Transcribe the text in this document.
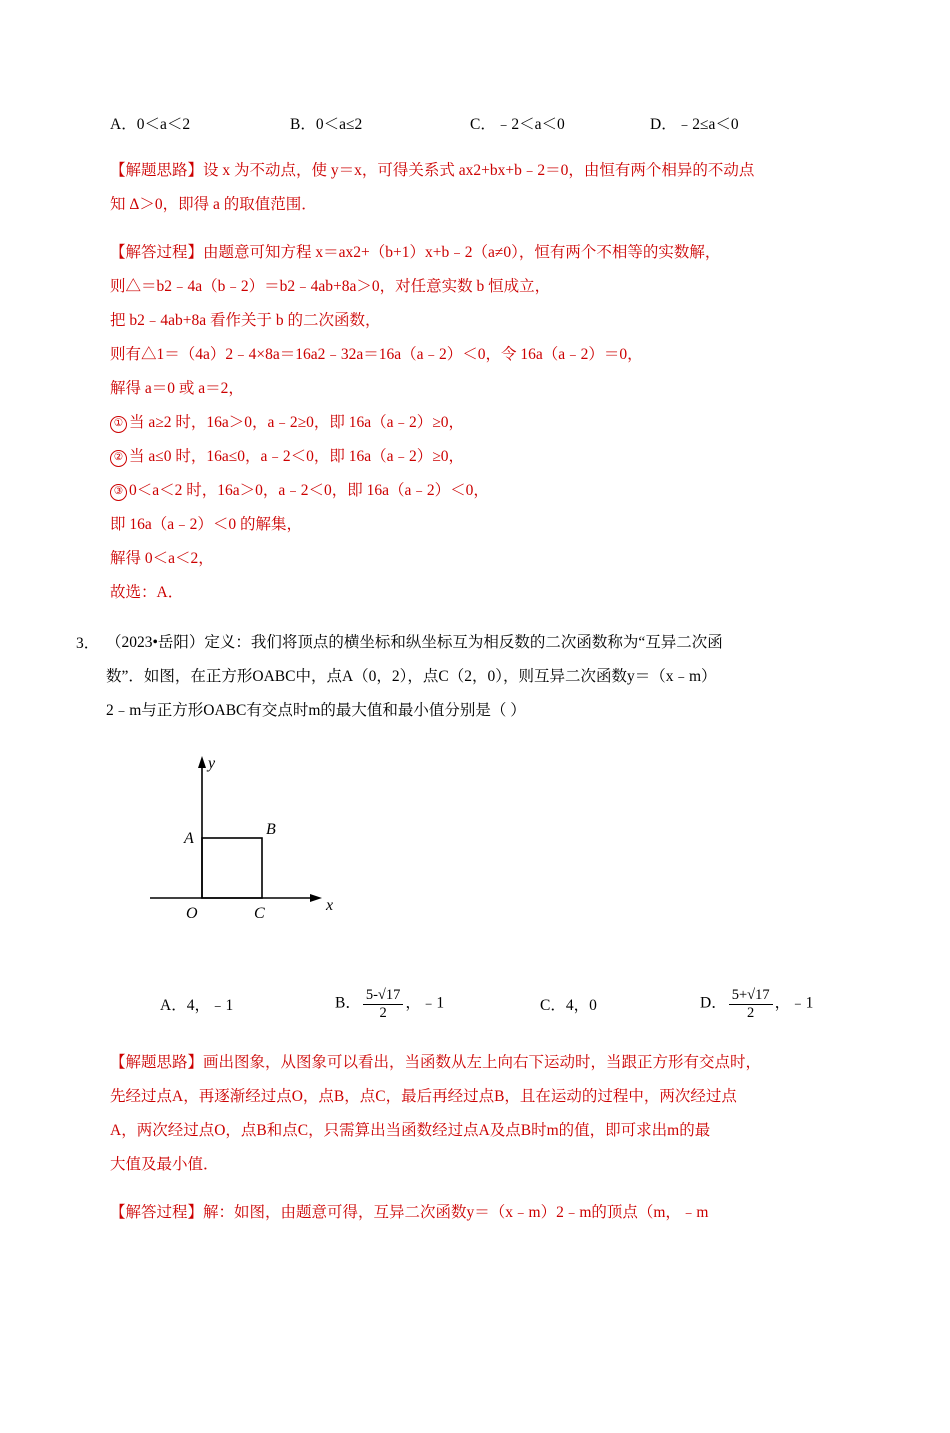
A．0＜a＜2	B．0＜a≤2	C．﹣2＜a＜0	D．﹣2≤a＜0
【解题思路】设 x 为不动点，使 y＝x，可得关系式 ax2+bx+b﹣2＝0，由恒有两个相异的不动点
知 Δ＞0，即得 a 的取值范围．
【解答过程】由题意可知方程 x＝ax2+（b+1）x+b﹣2（a≠0），恒有两个不相等的实数解，
则△＝b2﹣4a（b﹣2）＝b2﹣4ab+8a＞0，对任意实数 b 恒成立，
把 b2﹣4ab+8a 看作关于 b 的二次函数，
则有△1＝（4a）2﹣4×8a＝16a2﹣32a＝16a（a﹣2）＜0，令 16a（a﹣2）＝0，
解得 a＝0 或 a＝2，
① 当 a≥2 时，16a＞0，a﹣2≥0，即 16a（a﹣2）≥0，
② 当 a≤0 时，16a≤0，a﹣2＜0，即 16a（a﹣2）≥0，
③ 0＜a＜2 时，16a＞0，a﹣2＜0，即 16a（a﹣2）＜0，
即 16a（a﹣2）＜0 的解集，
解得 0＜a＜2，
故选：A．
3． （2023•岳阳）定义：我们将顶点的横坐标和纵坐标互为相反数的二次函数称为“互异二次函
数”．如图，在正方形OABC中，点A（0，2），点C（2，0），则互异二次函数y＝（x﹣m）
2﹣m与正方形OABC有交点时m的最大值和最小值分别是（ ）
A
B
O	C	x
y
A．4，﹣1	B． $\frac{5-√17}{2}$ ，﹣1	C．4，0	D． $\frac{5+√17}{2}$ ，﹣1
【解题思路】画出图象，从图象可以看出，当函数从左上向右下运动时，当跟正方形有交点时，
先经过点A，再逐渐经过点O，点B，点C，最后再经过点B，且在运动的过程中，两次经过点
A，两次经过点O，点B和点C，只需算出当函数经过点A及点B时m的值，即可求出m的最
大值及最小值．
【解答过程】解：如图，由题意可得，互异二次函数y＝（x﹣m）2﹣m的顶点（m，﹣m
